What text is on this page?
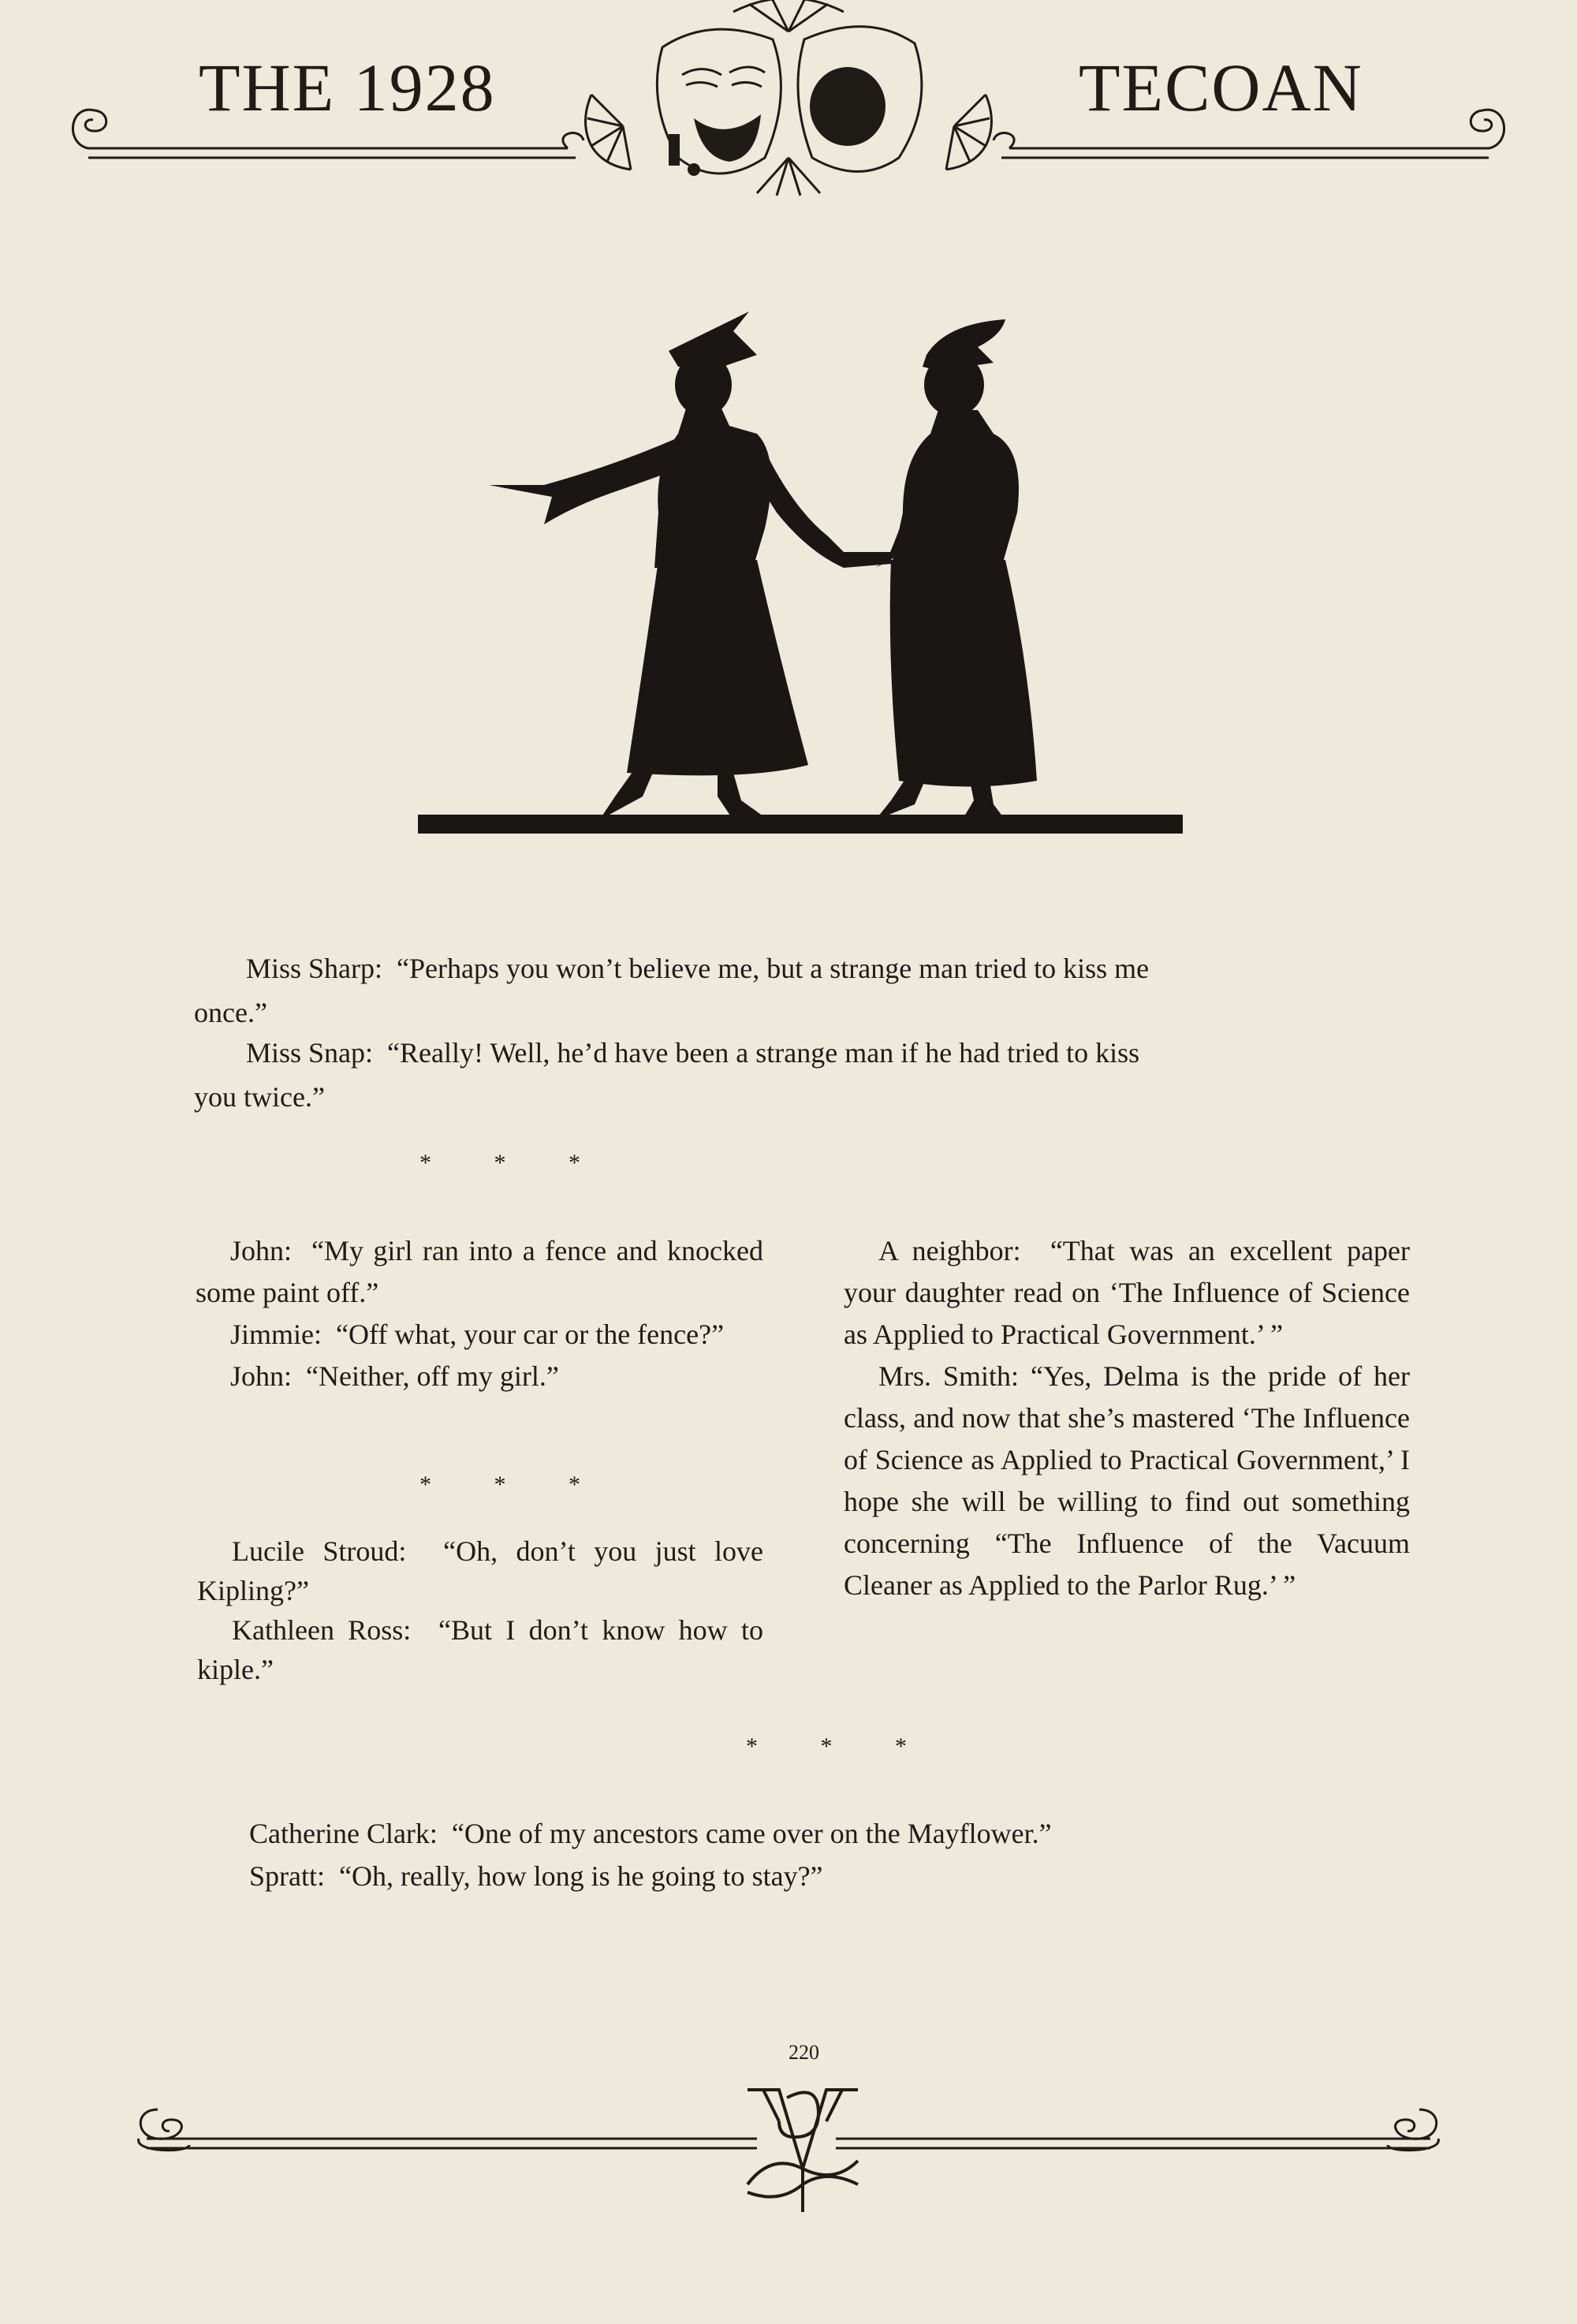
THE 1928	TECOAN
Miss Sharp: “Perhaps you won’t believe me, but a strange man tried to kiss me
once.”
Miss Snap: “Really! Well, he’d have been a strange man if he had tried to kiss
you twice.”
* * *

John: “My girl ran into a fence and knocked some paint off.”

Jimmie: “Off what, your car or the fence?”

John: “Neither, off my girl.”

* * *

Lucile Stroud: “Oh, don’t you just love Kipling?”

Kathleen Ross: “But I don’t know how to kiple.”

A neighbor: “That was an excellent paper your daughter read on ‘The Influence of Science as Applied to Practical Government.’ ”

Mrs. Smith: “Yes, Delma is the pride of her class, and now that she’s mastered ‘The Influence of Science as Applied to Practical Government,’ I hope she will be willing to find out something concerning “The Influence of the Vacuum Cleaner as Applied to the Parlor Rug.’ ”

* * *
Catherine Clark: “One of my ancestors came over on the Mayflower.”
Spratt: “Oh, really, how long is he going to stay?”
220
